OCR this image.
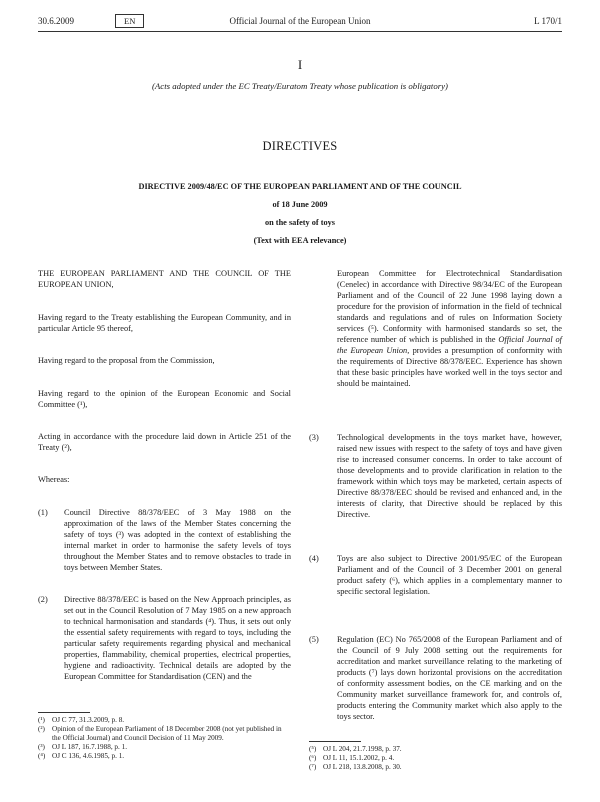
30.6.2009	EN	Official Journal of the European Union	L 170/1
I
(Acts adopted under the EC Treaty/Euratom Treaty whose publication is obligatory)
DIRECTIVES
DIRECTIVE 2009/48/EC OF THE EUROPEAN PARLIAMENT AND OF THE COUNCIL
of 18 June 2009
on the safety of toys
(Text with EEA relevance)

THE EUROPEAN PARLIAMENT AND THE COUNCIL OF THE EUROPEAN UNION,

Having regard to the Treaty establishing the European Community, and in particular Article 95 thereof,

Having regard to the proposal from the Commission,

Having regard to the opinion of the European Economic and Social Committee (¹),

Acting in accordance with the procedure laid down in Article 251 of the Treaty (²),

Whereas:

(1) Council Directive 88/378/EEC of 3 May 1988 on the approximation of the laws of the Member States concerning the safety of toys (³) was adopted in the context of establishing the internal market in order to harmonise the safety levels of toys throughout the Member States and to remove obstacles to trade in toys between Member States.

(2) Directive 88/378/EEC is based on the New Approach principles, as set out in the Council Resolution of 7 May 1985 on a new approach to technical harmonisation and standards (⁴). Thus, it sets out only the essential safety requirements with regard to toys, including the particular safety requirements regarding physical and mechanical properties, flammability, chemical properties, electrical properties, hygiene and radioactivity. Technical details are adopted by the European Committee for Standardisation (CEN) and the

(¹) OJ C 77, 31.3.2009, p. 8.
(²) Opinion of the European Parliament of 18 December 2008 (not yet published in the Official Journal) and Council Decision of 11 May 2009.
(³) OJ L 187, 16.7.1988, p. 1.
(⁴) OJ C 136, 4.6.1985, p. 1.

European Committee for Electrotechnical Standardisation (Cenelec) in accordance with Directive 98/34/EC of the European Parliament and of the Council of 22 June 1998 laying down a procedure for the provision of information in the field of technical standards and regulations and of rules on Information Society services (⁵). Conformity with harmonised standards so set, the reference number of which is published in the Official Journal of the European Union, provides a presumption of conformity with the requirements of Directive 88/378/EEC. Experience has shown that these basic principles have worked well in the toys sector and should be maintained.

(3) Technological developments in the toys market have, however, raised new issues with respect to the safety of toys and have given rise to increased consumer concerns. In order to take account of those developments and to provide clarification in relation to the framework within which toys may be marketed, certain aspects of Directive 88/378/EEC should be revised and enhanced and, in the interests of clarity, that Directive should be replaced by this Directive.

(4) Toys are also subject to Directive 2001/95/EC of the European Parliament and of the Council of 3 December 2001 on general product safety (⁶), which applies in a complementary manner to specific sectoral legislation.

(5) Regulation (EC) No 765/2008 of the European Parliament and of the Council of 9 July 2008 setting out the requirements for accreditation and market surveillance relating to the marketing of products (⁷) lays down horizontal provisions on the accreditation of conformity assessment bodies, on the CE marking and on the Community market surveillance framework for, and controls of, products entering the Community market which also apply to the toys sector.

(⁵) OJ L 204, 21.7.1998, p. 37.
(⁶) OJ L 11, 15.1.2002, p. 4.
(⁷) OJ L 218, 13.8.2008, p. 30.
